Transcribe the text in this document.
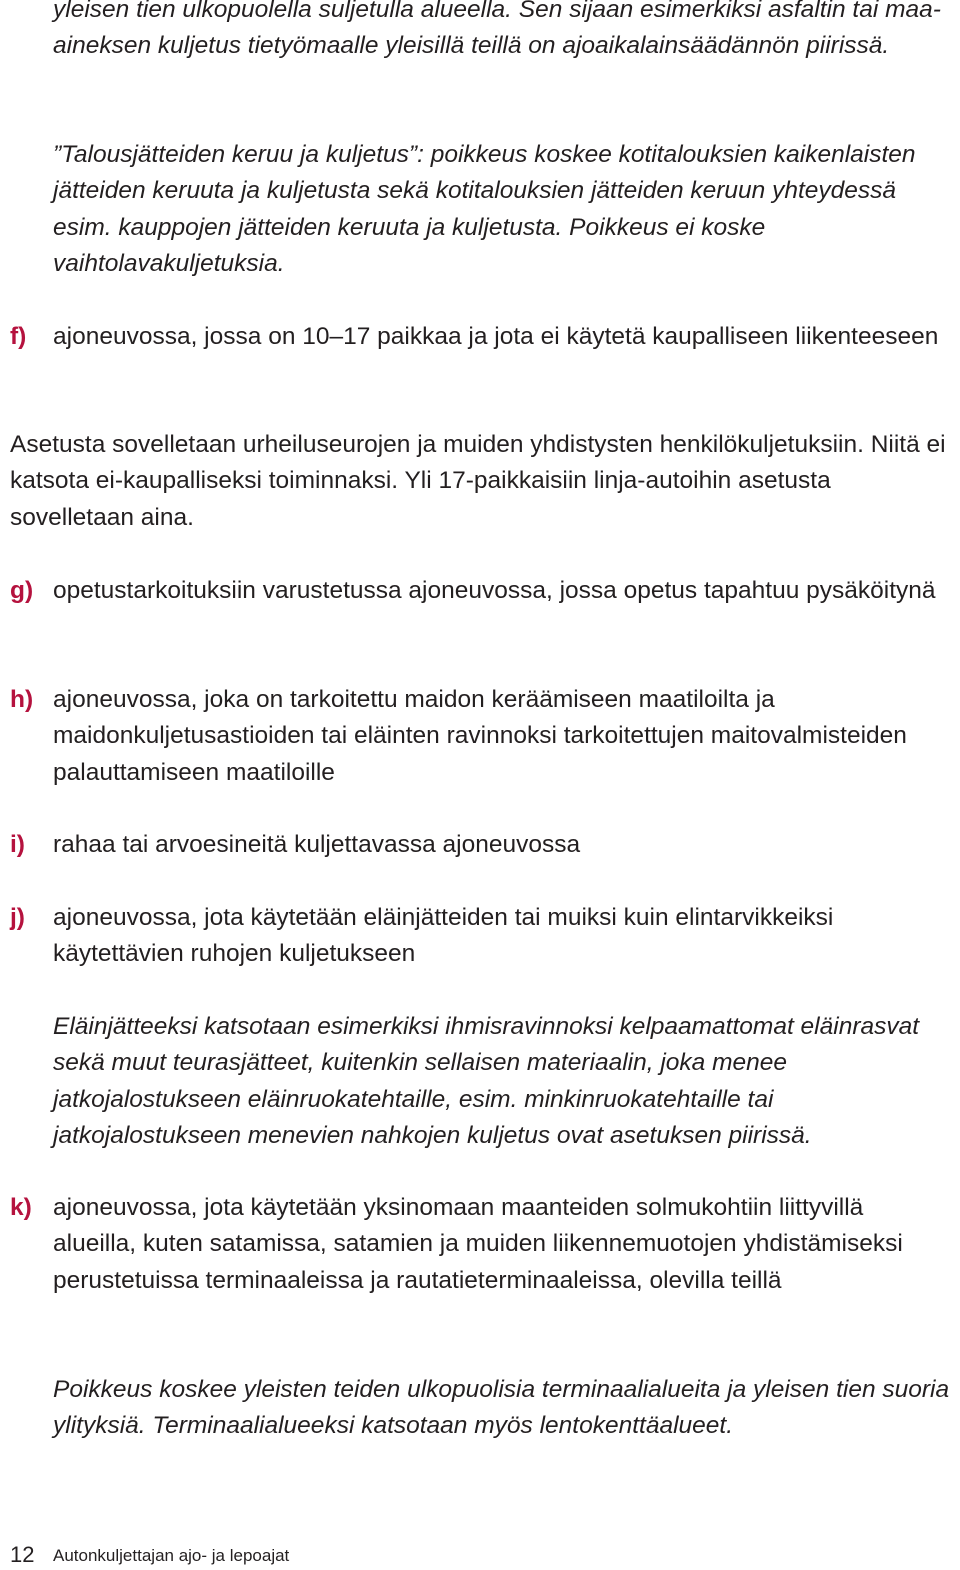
yleisen tien ulkopuolella suljetulla alueella. Sen sijaan esimerkiksi asfaltin tai maa-aineksen kuljetus tietyömaalle yleisillä teillä on ajoaikalainsäädännön piirissä.

”Talousjätteiden keruu ja kuljetus”: poikkeus koskee kotitalouksien kaikenlaisten jätteiden keruuta ja kuljetusta sekä kotitalouksien jätteiden keruun yhteydessä esim. kauppojen jätteiden keruuta ja kuljetusta. Poikkeus ei koske vaihtolavakuljetuksia.

f) ajoneuvossa, jossa on 10–17 paikkaa ja jota ei käytetä kaupalliseen liikenteeseen

Asetusta sovelletaan urheiluseurojen ja muiden yhdistysten henkilökuljetuksiin. Niitä ei katsota ei-kaupalliseksi toiminnaksi. Yli 17-paikkaisiin linja-autoihin asetusta sovelletaan aina.

g) opetustarkoituksiin varustetussa ajoneuvossa, jossa opetus tapahtuu pysäköitynä

h) ajoneuvossa, joka on tarkoitettu maidon keräämiseen maatiloilta ja maidonkuljetusastioiden tai eläinten ravinnoksi tarkoitettujen maitovalmisteiden palauttamiseen maatiloille

i) rahaa tai arvoesineitä kuljettavassa ajoneuvossa

j) ajoneuvossa, jota käytetään eläinjätteiden tai muiksi kuin elintarvikkeiksi käytettävien ruhojen kuljetukseen

Eläinjätteeksi katsotaan esimerkiksi ihmisravinnoksi kelpaamattomat eläinrasvat sekä muut teurasjätteet, kuitenkin sellaisen materiaalin, joka menee jatkojalostukseen eläinruokatehtaille, esim. minkinruokatehtaille tai jatkojalostukseen menevien nahkojen kuljetus ovat asetuksen piirissä.

k) ajoneuvossa, jota käytetään yksinomaan maanteiden solmukohtiin liittyvillä alueilla, kuten satamissa, satamien ja muiden liikennemuotojen yhdistämiseksi perustetuissa terminaaleissa ja rautatieterminaaleissa, olevilla teillä

Poikkeus koskee yleisten teiden ulkopuolisia terminaalialueita ja yleisen tien suoria ylityksiä. Terminaalialueeksi katsotaan myös lentokenttäalueet.

12 Autonkuljettajan ajo- ja lepoajat
